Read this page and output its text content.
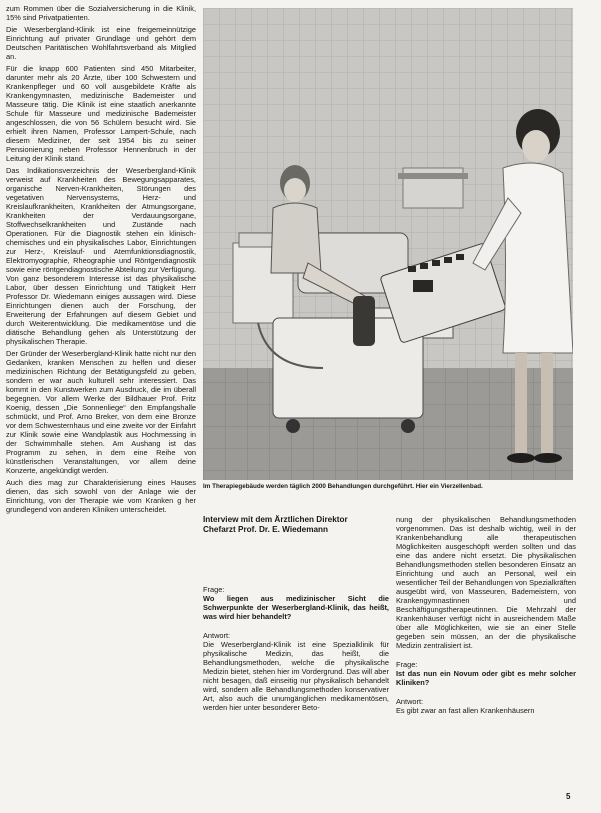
zum Rommen über die Sozialversicherung in die Klinik, 15% sind Privatpatienten.

Die Weserbergland-Klinik ist eine freigemeinnützige Einrichtung auf privater Grundlage und gehört dem Deutschen Paritätischen Wohlfahrtsverband als Mitglied an.

Für die knapp 600 Patienten sind 450 Mitarbeiter, darunter mehr als 20 Ärzte, über 100 Schwestern und Krankenpfleger und 60 voll ausgebildete Kräfte als Krankengymnasten, medizinische Bademeister und Masseure tätig. Die Klinik ist eine staatlich anerkannte Schule für Masseure und medizinische Bademeister angeschlossen, die von 56 Schülern besucht wird. Sie erhielt ihren Namen, Professor Lampert-Schule, nach diesem Mediziner, der seit 1954 bis zu seiner Pensionierung neben Professor Hennenbruch in der Leitung der Klinik stand.

Das Indikationsverzeichnis der Weserbergland-Klinik verweist auf Krankheiten des Bewegungsapparates, organische Nerven-Krankheiten, Störungen des vegetativen Nervensystems, Herz- und Kreislaufkrankheiten, Krankheiten der Atmungsorgane, Krankheiten der Verdauungsorgane, Stoffwechselkrankheiten und Zustände nach Operationen. Für die Diagnostik stehen ein klinisch-chemisches und ein physikalisches Labor, Einrichtungen zur Herz-, Kreislauf- und Atemfunktionsdiagnostik, Elektromyographie, Rheographie und Röntgendiagnostik sowie eine röntgendiagnostische Abteilung zur Verfügung. Von ganz besonderem Interesse ist das physikalische Labor, über dessen Einrichtung und Tätigkeit Herr Professor Dr. Wiedemann einiges aussagen wird. Diese Einrichtungen dienen auch der Forschung, der Erweiterung der Erfahrungen auf diesem Gebiet und durch Weiterentwicklung. Die medikamentöse und die diätische Behandlung gehen als Unterstützung der physikalischen Therapie.

Der Gründer der Weserbergland-Klinik hatte nicht nur den Gedanken, kranken Menschen zu helfen und dieser medizinischen Richtung der Betätigungsfeld zu geben, sondern er war auch kulturell sehr interessiert. Das kommt in den Kunstwerken zum Ausdruck, die im überall begegnen. Vor allem Werke der Bildhauer Prof. Fritz Koenig, dessen „Die Sonnenliege“ den Empfangshalle schmückt, und Prof. Arno Breker, von dem eine Bronze vor dem Schwesternhaus und eine zweite vor der Einfahrt zur Klinik sowie eine Wandplastik aus Hochmessing in der Schwimmhalle stehen. Am Aushang ist das Programm zu sehen, in dem eine Reihe von künstlerischen Veranstaltungen, vor allem deine Konzerte, angekündigt werden.

Auch dies mag zur Charakterisierung eines Hauses dienen, das sich sowohl von der Anlage wie der Einrichtung, von der Therapie wie vom Kranken g her grundlegend von anderen Kliniken unterscheidet.

Im Therapiegebäude werden täglich 2000 Behandlungen durchgeführt. Hier ein Vierzellenbad.
Interview mit dem Ärztlichen Direktor
Chefarzt Prof. Dr. E. Wiedemann
Frage:
Wo liegen aus medizinischer Sicht die Schwerpunkte der Weserbergland-Klinik, das heißt, was wird hier behandelt?
Antwort:
Die Weserbergland-Klinik ist eine Spezialklinik für physikalische Medizin, das heißt, die Behandlungsmethoden, welche die physikalische Medizin bietet, stehen hier im Vordergrund. Das will aber nicht besagen, daß einseitig nur physikalisch behandelt wird, sondern alle Behandlungsmethoden konservativer Art, also auch die unumgänglichen medikamentösen, werden hier unter besonderer Beto-
nung der physikalischen Behandlungsmethoden vorgenommen. Das ist deshalb wichtig, weil in der Krankenbehandlung alle therapeutischen Möglichkeiten ausgeschöpft werden sollten und das eine das andere nicht ersetzt. Die physikalischen Behandlungsmethoden stellen besonderen Einsatz an Einrichtung und auch an Personal, weil ein wesentlicher Teil der Behandlungen von Spezialkräften ausgeübt wird, von Masseuren, Bademeistern, von Krankengymnastinnen und Beschäftigungstherapeutinnen. Die Mehrzahl der Krankenhäuser verfügt nicht in ausreichendem Maße über alle Möglichkeiten, wie sie an einer Stelle gegeben sein müssen, an der die physikalische Medizin zentralisiert ist.
Frage:
Ist das nun ein Novum oder gibt es mehr solcher Kliniken?
Antwort:
Es gibt zwar an fast allen Krankenhäusern
5
